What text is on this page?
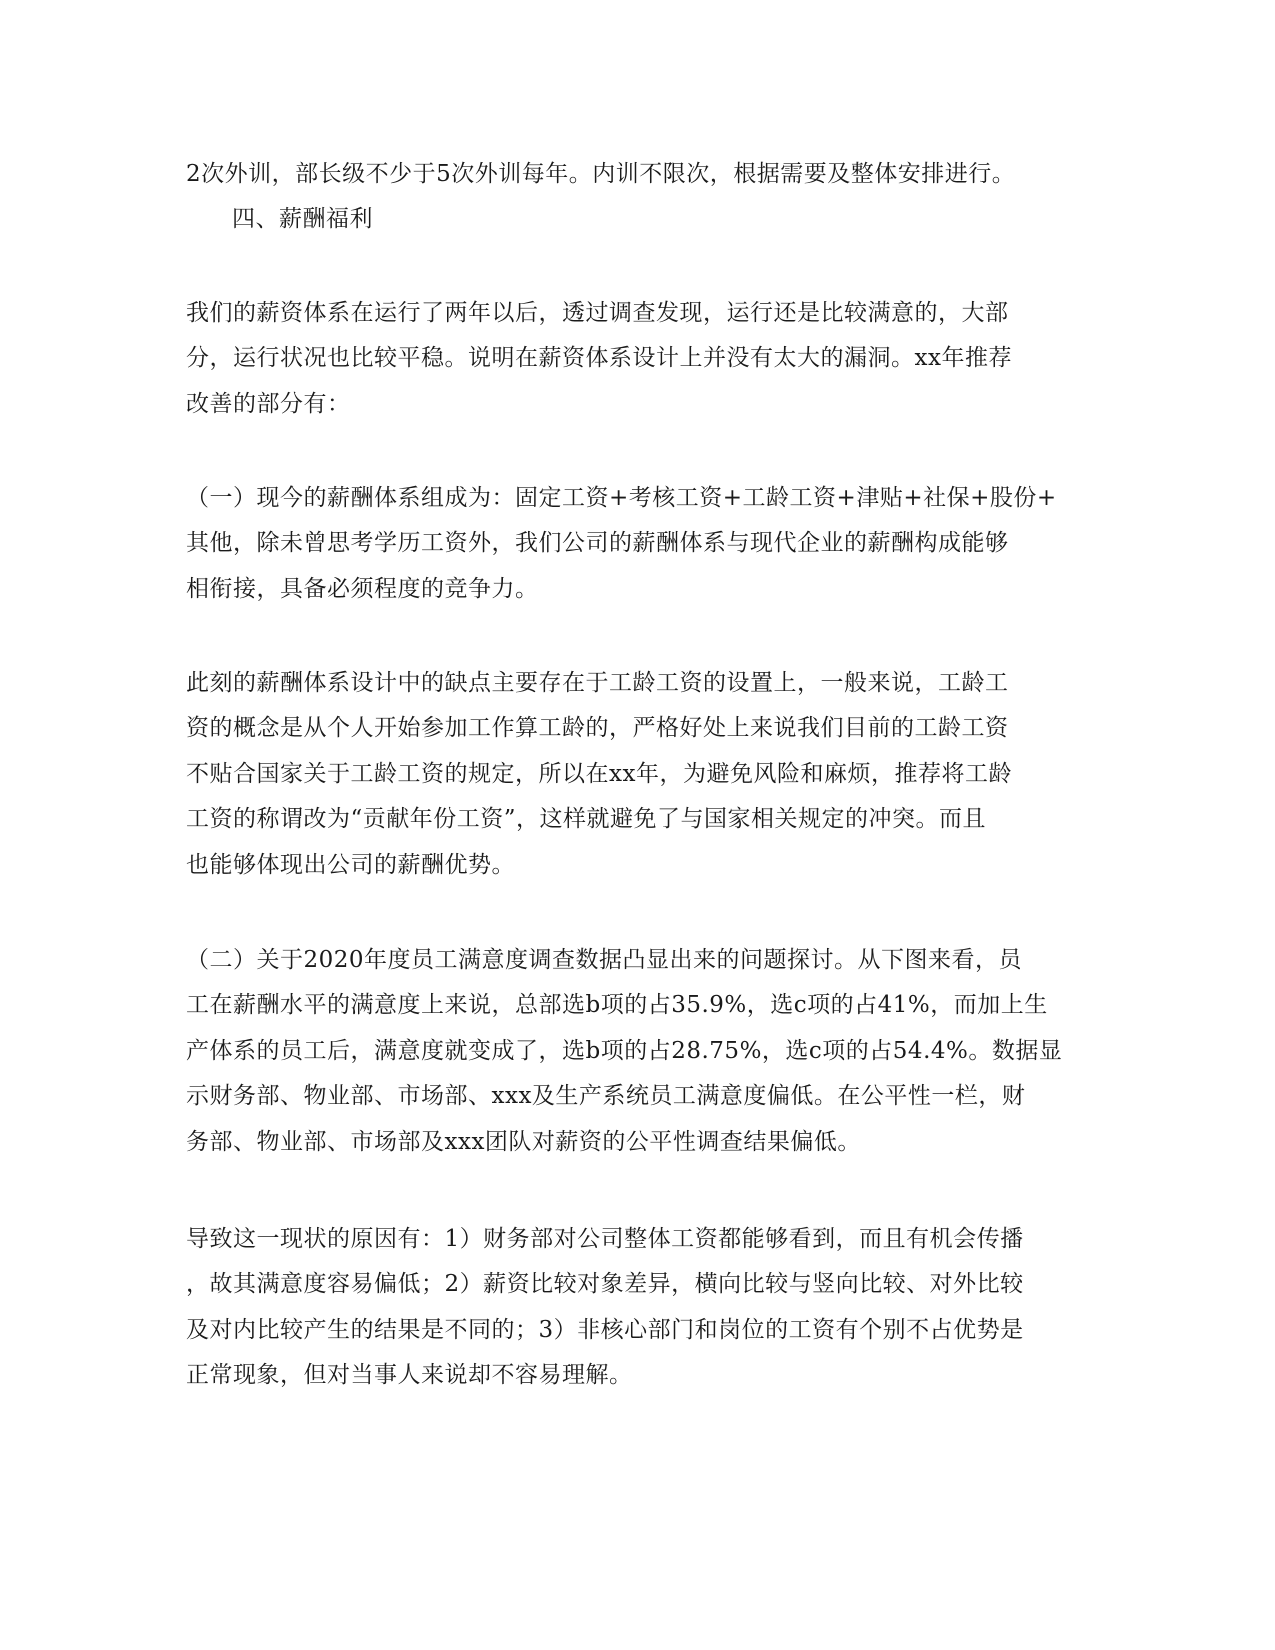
2次外训，部长级不少于5次外训每年。内训不限次，根据需要及整体安排进行。

四、薪酬福利

我们的薪资体系在运行了两年以后，透过调查发现，运行还是比较满意的，大部
分，运行状况也比较平稳。说明在薪资体系设计上并没有太大的漏洞。xx年推荐
改善的部分有：

（一）现今的薪酬体系组成为：固定工资+考核工资+工龄工资+津贴+社保+股份+
其他，除未曾思考学历工资外，我们公司的薪酬体系与现代企业的薪酬构成能够
相衔接，具备必须程度的竞争力。

此刻的薪酬体系设计中的缺点主要存在于工龄工资的设置上，一般来说，工龄工
资的概念是从个人开始参加工作算工龄的，严格好处上来说我们目前的工龄工资
不贴合国家关于工龄工资的规定，所以在xx年，为避免风险和麻烦，推荐将工龄
工资的称谓改为“贡献年份工资”，这样就避免了与国家相关规定的冲突。而且
也能够体现出公司的薪酬优势。

（二）关于2020年度员工满意度调查数据凸显出来的问题探讨。从下图来看，员
工在薪酬水平的满意度上来说，总部选b项的占35.9%，选c项的占41%，而加上生
产体系的员工后，满意度就变成了，选b项的占28.75%，选c项的占54.4%。数据显
示财务部、物业部、市场部、xxx及生产系统员工满意度偏低。在公平性一栏，财
务部、物业部、市场部及xxx团队对薪资的公平性调查结果偏低。

导致这一现状的原因有：1）财务部对公司整体工资都能够看到，而且有机会传播
，故其满意度容易偏低；2）薪资比较对象差异，横向比较与竖向比较、对外比较
及对内比较产生的结果是不同的；3）非核心部门和岗位的工资有个别不占优势是
正常现象，但对当事人来说却不容易理解。
